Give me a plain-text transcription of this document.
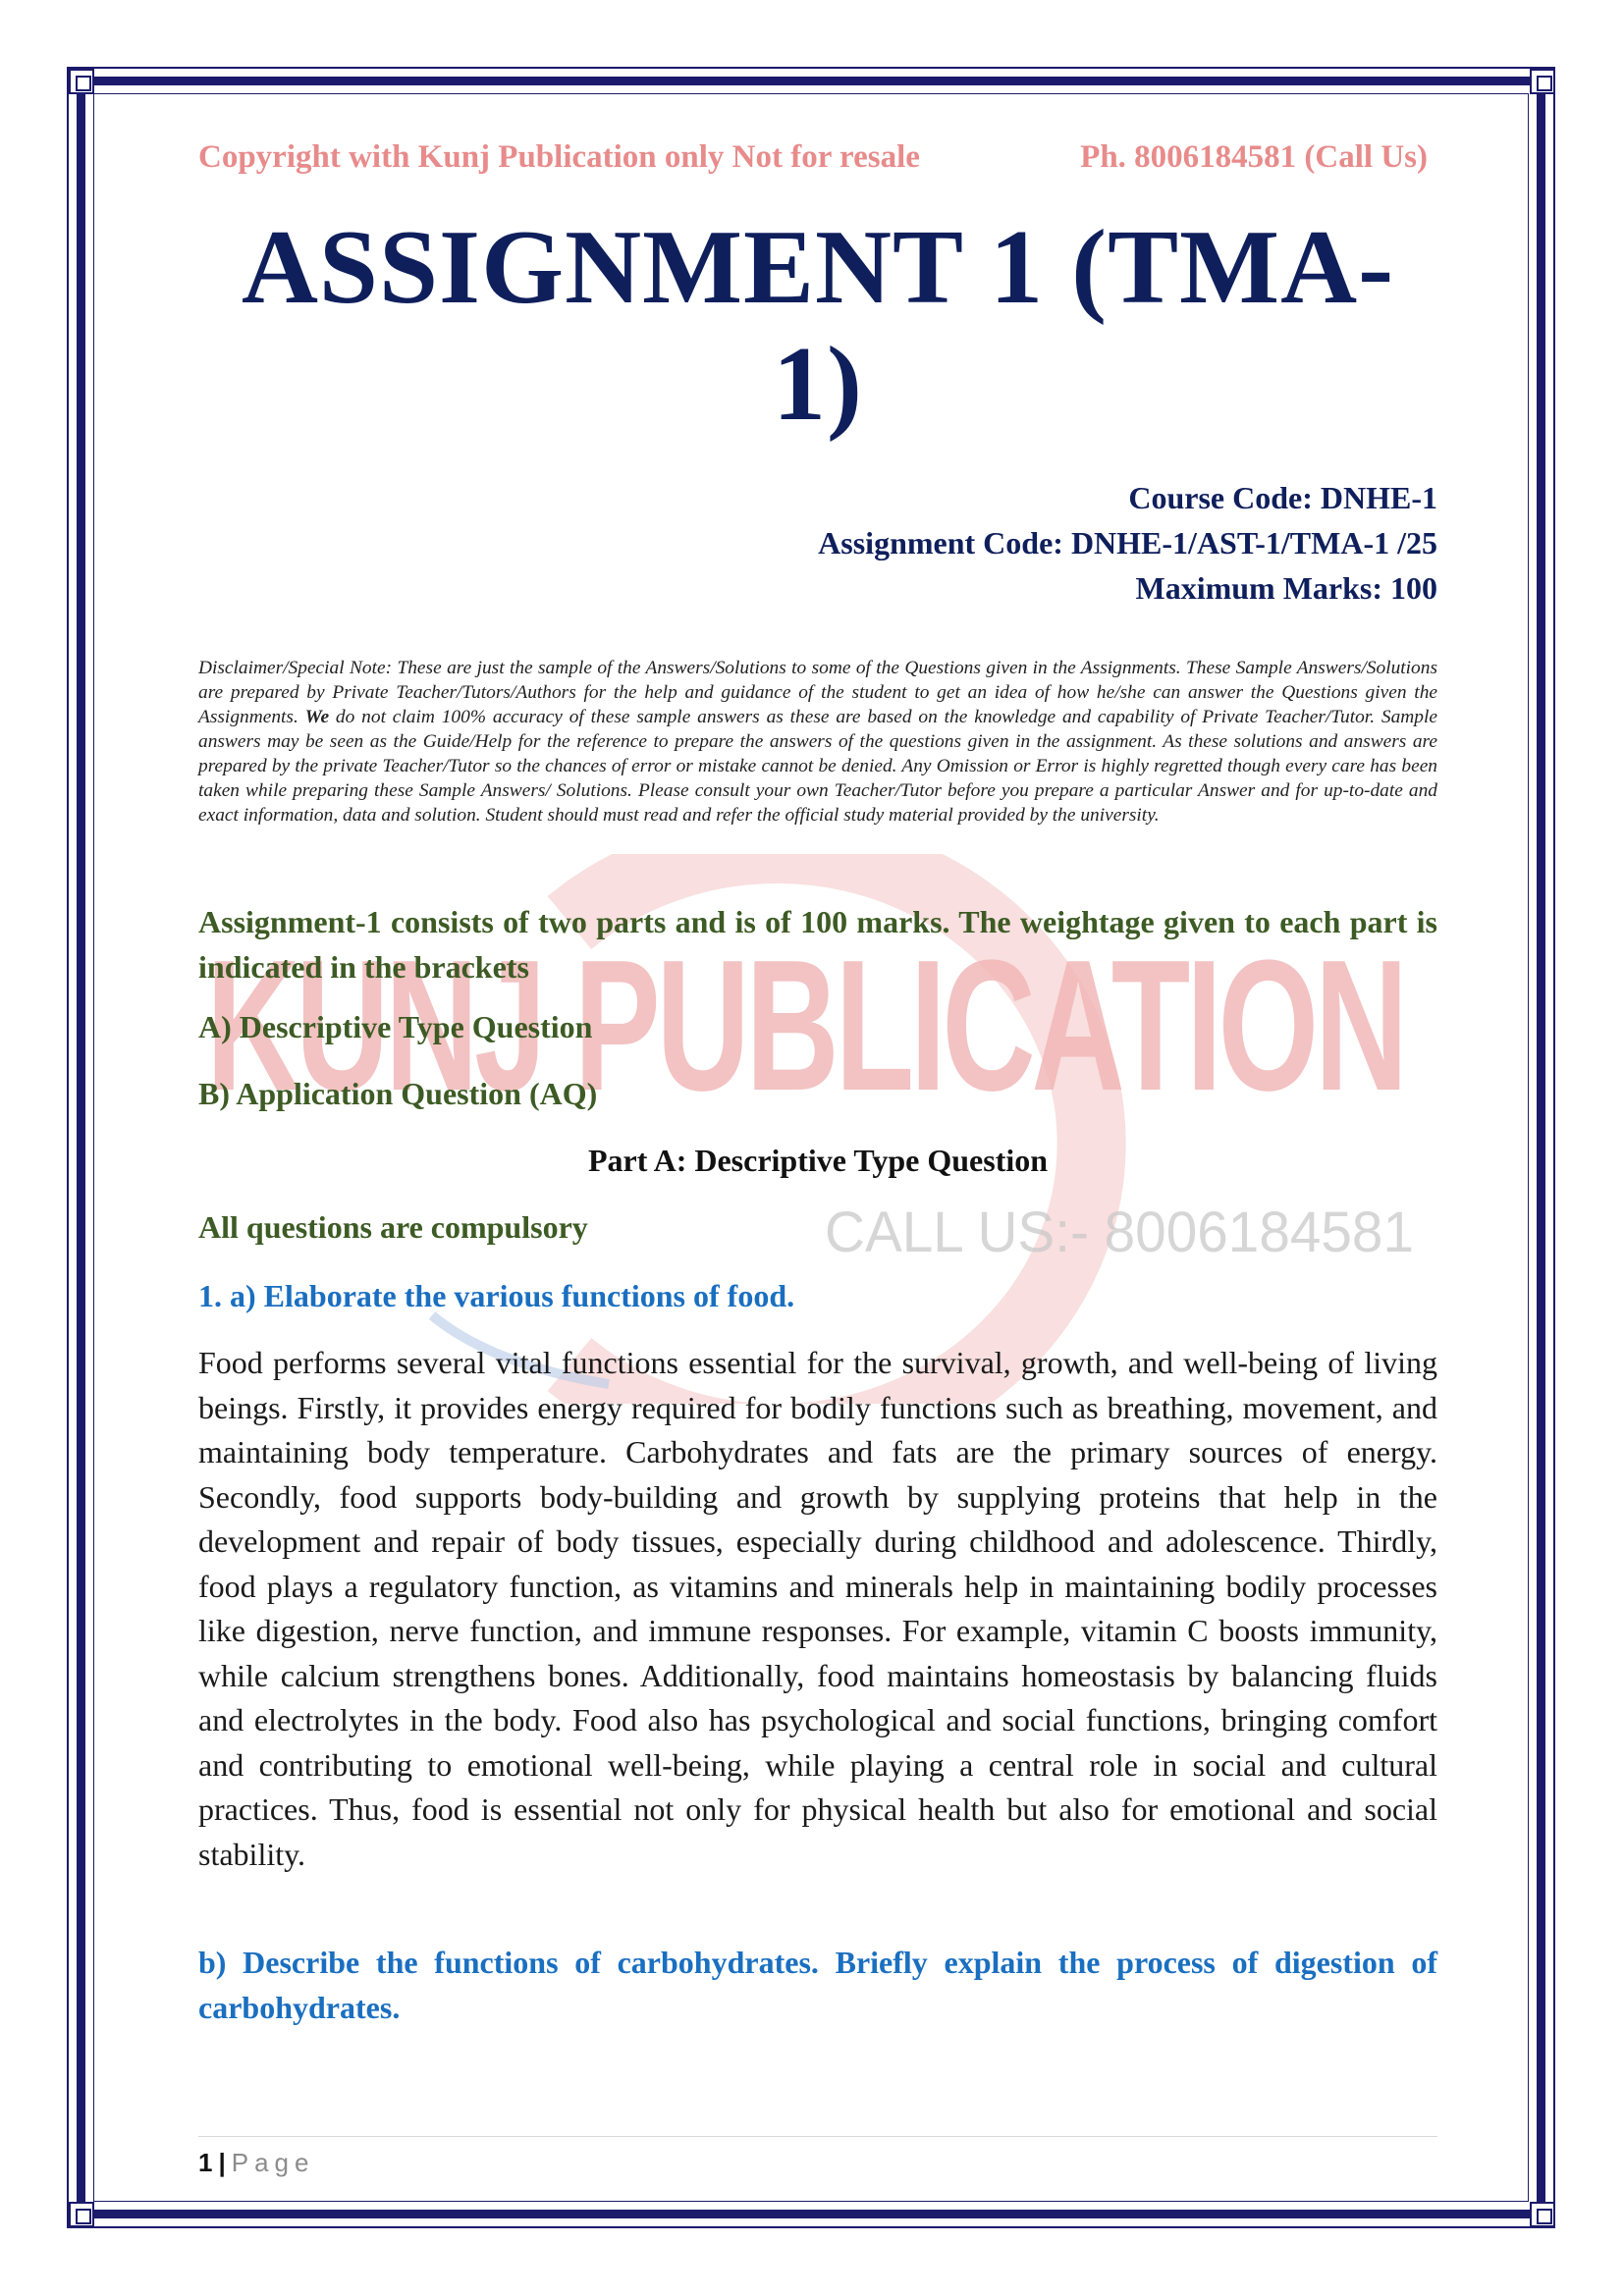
KUNJ PUBLICATION
CALL US:- 8006184581
Copyright with Kunj Publication only Not for resale	Ph. 8006184581 (Call Us)
ASSIGNMENT 1 (TMA-1)
Course Code: DNHE-1
Assignment Code: DNHE-1/AST-1/TMA-1 /25
Maximum Marks: 100
Disclaimer/Special Note: These are just the sample of the Answers/Solutions to some of the Questions given in the Assignments. These Sample Answers/Solutions are prepared by Private Teacher/Tutors/Authors for the help and guidance of the student to get an idea of how he/she can answer the Questions given the Assignments. We do not claim 100% accuracy of these sample answers as these are based on the knowledge and capability of Private Teacher/Tutor. Sample answers may be seen as the Guide/Help for the reference to prepare the answers of the questions given in the assignment. As these solutions and answers are prepared by the private Teacher/Tutor so the chances of error or mistake cannot be denied. Any Omission or Error is highly regretted though every care has been taken while preparing these Sample Answers/ Solutions. Please consult your own Teacher/Tutor before you prepare a particular Answer and for up-to-date and exact information, data and solution. Student should must read and refer the official study material provided by the university.
Assignment-1 consists of two parts and is of 100 marks. The weightage given to each part is indicated in the brackets
A) Descriptive Type Question
B) Application Question (AQ)
Part A: Descriptive Type Question
All questions are compulsory
1. a) Elaborate the various functions of food.
Food performs several vital functions essential for the survival, growth, and well-being of living beings. Firstly, it provides energy required for bodily functions such as breathing, movement, and maintaining body temperature. Carbohydrates and fats are the primary sources of energy. Secondly, food supports body-building and growth by supplying proteins that help in the development and repair of body tissues, especially during childhood and adolescence. Thirdly, food plays a regulatory function, as vitamins and minerals help in maintaining bodily processes like digestion, nerve function, and immune responses. For example, vitamin C boosts immunity, while calcium strengthens bones. Additionally, food maintains homeostasis by balancing fluids and electrolytes in the body. Food also has psychological and social functions, bringing comfort and contributing to emotional well-being, while playing a central role in social and cultural practices. Thus, food is essential not only for physical health but also for emotional and social stability.
b) Describe the functions of carbohydrates. Briefly explain the process of digestion of carbohydrates.
1 | Page
